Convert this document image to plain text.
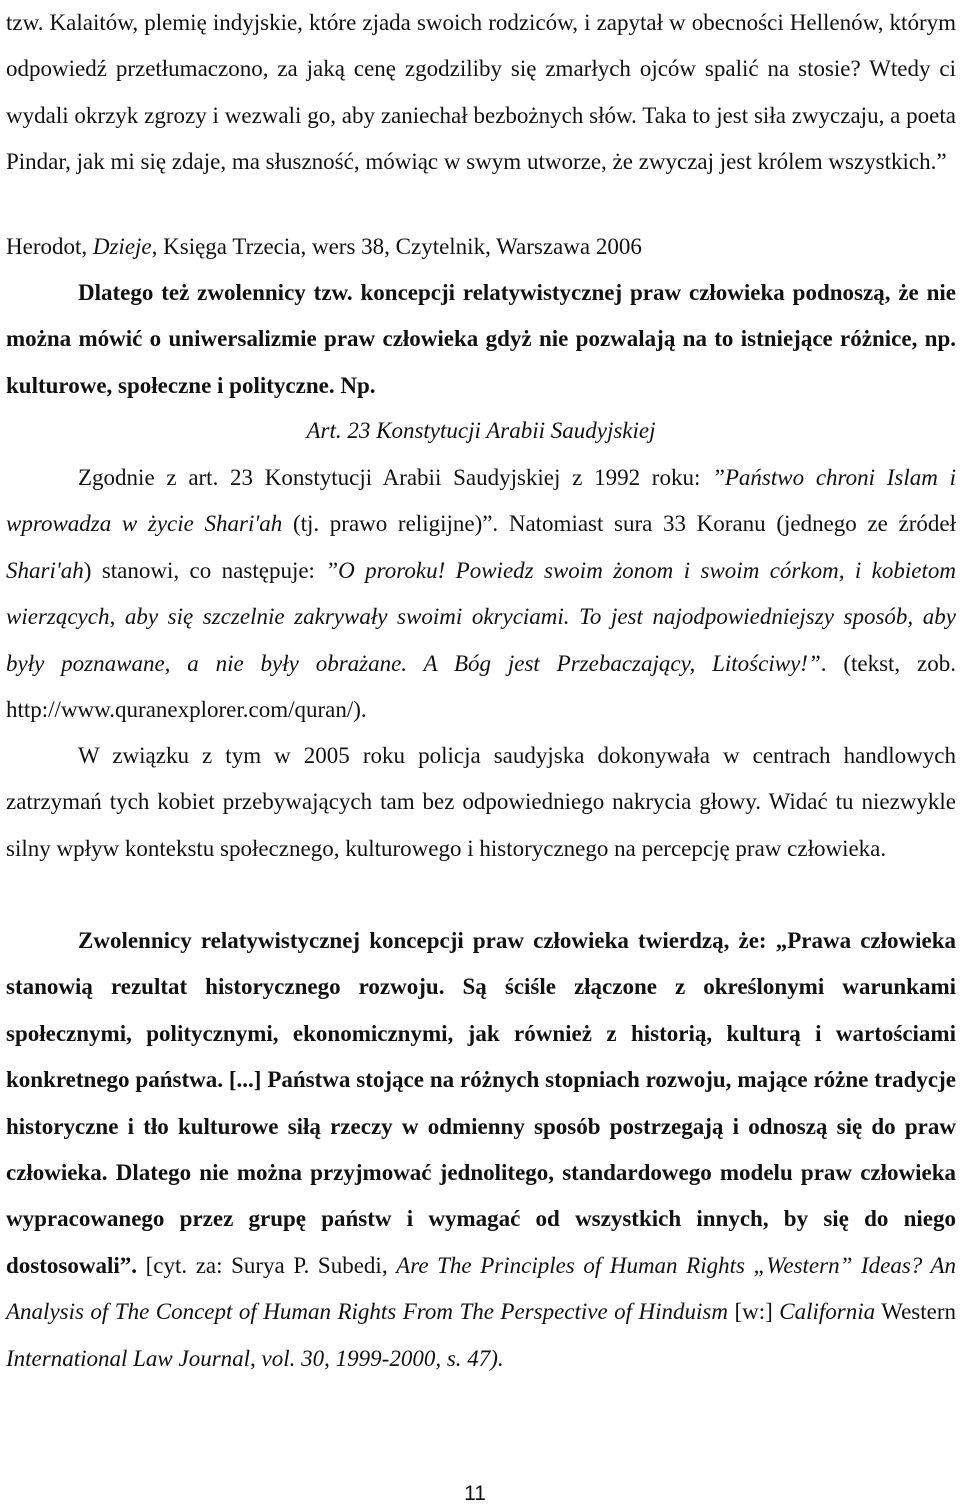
tzw. Kalaitów, plemię indyjskie, które zjada swoich rodziców, i zapytał w obecności Hellenów, którym odpowiedź przetłumaczono, za jaką cenę zgodziliby się zmarłych ojców spalić na stosie? Wtedy ci wydali okrzyk zgrozy i wezwali go, aby zaniechał bezbożnych słów. Taka to jest siła zwyczaju, a poeta Pindar, jak mi się zdaje, ma słuszność, mówiąc w swym utworze, że zwyczaj jest królem wszystkich.”

Herodot, Dzieje, Księga Trzecia, wers 38, Czytelnik, Warszawa 2006

Dlatego też zwolennicy tzw. koncepcji relatywistycznej praw człowieka podnoszą, że nie można mówić o uniwersalizmie praw człowieka gdyż nie pozwalają na to istniejące różnice, np. kulturowe, społeczne i polityczne. Np.

Art. 23 Konstytucji Arabii Saudyjskiej

Zgodnie z art. 23 Konstytucji Arabii Saudyjskiej z 1992 roku: ”Państwo chroni Islam i wprowadza w życie Shari'ah (tj. prawo religijne)”. Natomiast sura 33 Koranu (jednego ze źródeł Shari'ah) stanowi, co następuje: ”O proroku! Powiedz swoim żonom i swoim córkom, i kobietom wierzących, aby się szczelnie zakrywały swoimi okryciami. To jest najodpowiedniejszy sposób, aby były poznawane, a nie były obrażane. A Bóg jest Przebaczający, Litościwy!”. (tekst, zob. http://www.quranexplorer.com/quran/).

W związku z tym w 2005 roku policja saudyjska dokonywała w centrach handlowych zatrzymań tych kobiet przebywających tam bez odpowiedniego nakrycia głowy. Widać tu niezwykle silny wpływ kontekstu społecznego, kulturowego i historycznego na percepcję praw człowieka.

Zwolennicy relatywistycznej koncepcji praw człowieka twierdzą, że: „Prawa człowieka stanowią rezultat historycznego rozwoju. Są ściśle złączone z określonymi warunkami społecznymi, politycznymi, ekonomicznymi, jak również z historią, kulturą i wartościami konkretnego państwa. [...] Państwa stojące na różnych stopniach rozwoju, mające różne tradycje historyczne i tło kulturowe siłą rzeczy w odmienny sposób postrzegają i odnoszą się do praw człowieka. Dlatego nie można przyjmować jednolitego, standardowego modelu praw człowieka wypracowanego przez grupę państw i wymagać od wszystkich innych, by się do niego dostosowali”. [cyt. za: Surya P. Subedi, Are The Principles of Human Rights „Western” Ideas? An Analysis of The Concept of Human Rights From The Perspective of Hinduism [w:] California Western International Law Journal, vol. 30, 1999-2000, s. 47).

11
